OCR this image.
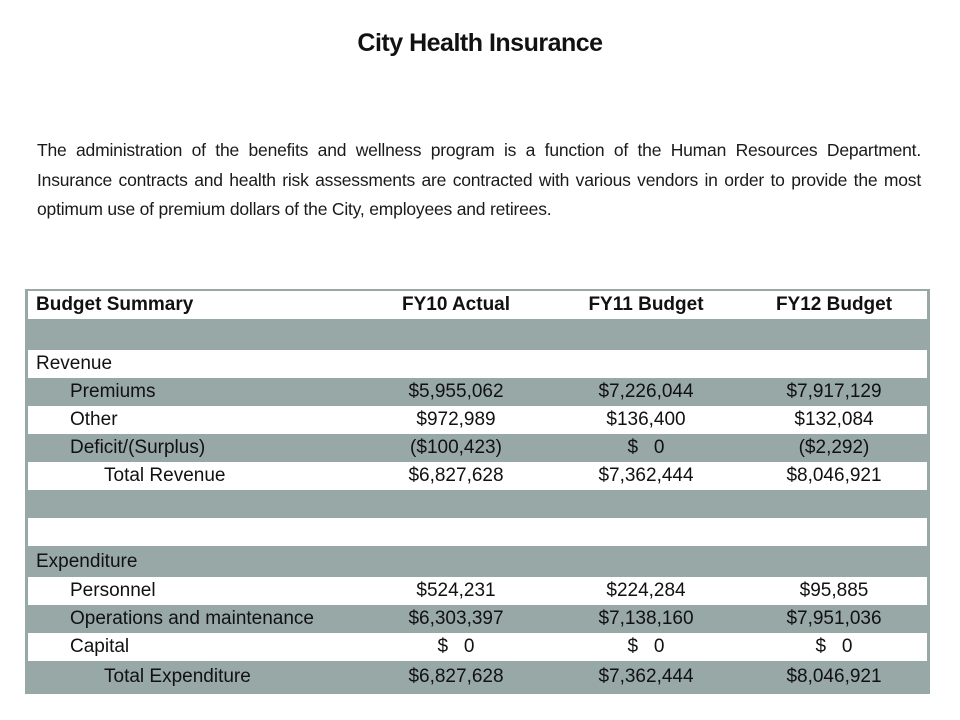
City Health Insurance
The administration of the benefits and wellness program is a function of the Human Resources Department. Insurance contracts and health risk assessments are contracted with various vendors in order to provide the most optimum use of premium dollars of the City, employees and retirees.
Budget Summary	FY10 Actual	FY11 Budget	FY12 Budget

Revenue			
Premiums	$5,955,062	$7,226,044	$7,917,129
Other	$972,989	$136,400	$132,084
Deficit/(Surplus)	($100,423)	$   0	($2,292)
Total Revenue	$6,827,628	$7,362,444	$8,046,921

Expenditure			
Personnel	$524,231	$224,284	$95,885
Operations and maintenance	$6,303,397	$7,138,160	$7,951,036
Capital	$   0	$   0	$   0
Total Expenditure	$6,827,628	$7,362,444	$8,046,921
